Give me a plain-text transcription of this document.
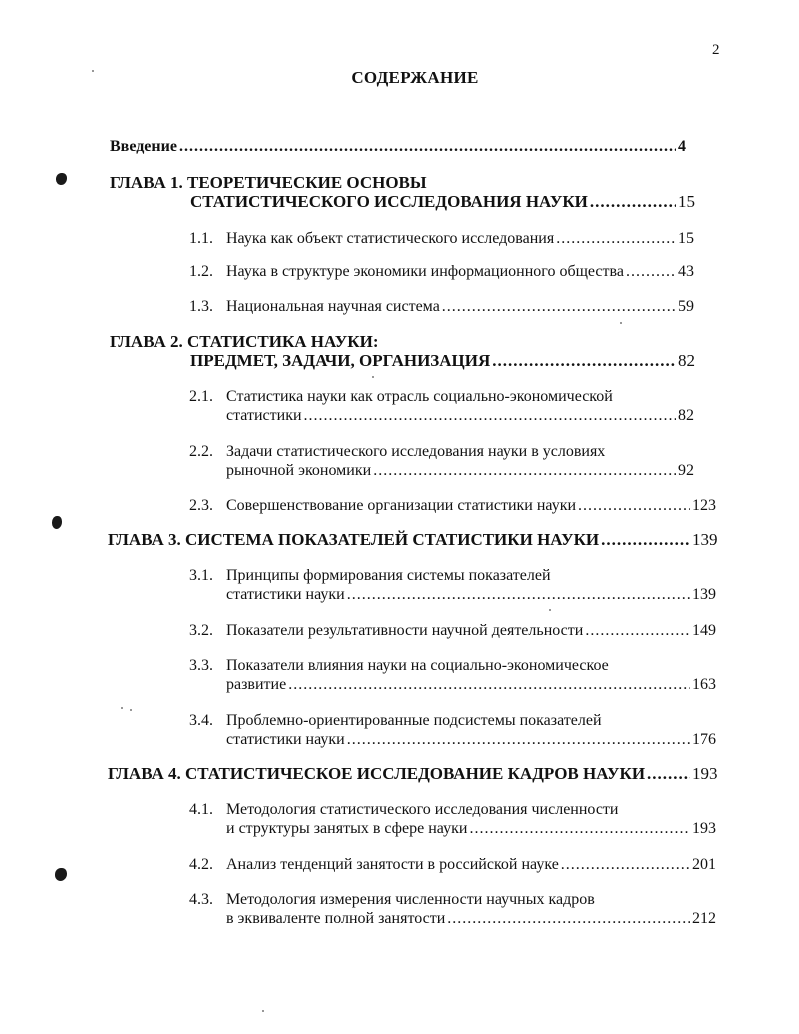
2
СОДЕРЖАНИЕ
Введение .....	4
ГЛАВА 1. ТЕОРЕТИЧЕСКИЕ ОСНОВЫ
СТАТИСТИЧЕСКОГО ИССЛЕДОВАНИЯ НАУКИ .....	15
1.1. Наука как объект статистического исследования .....	15
1.2. Наука в структуре экономики информационного общества .....	43
1.3. Национальная научная система .....	59
ГЛАВА 2. СТАТИСТИКА НАУКИ:
ПРЕДМЕТ, ЗАДАЧИ, ОРГАНИЗАЦИЯ .....	82
2.1. Статистика науки как отрасль социально-экономической
статистики .....	82
2.2. Задачи статистического исследования науки в условиях
рыночной экономики .....	92
2.3. Совершенствование организации статистики науки .....	123
ГЛАВА 3. СИСТЕМА ПОКАЗАТЕЛЕЙ СТАТИСТИКИ НАУКИ .....	139
3.1. Принципы формирования системы показателей
статистики науки .....	139
3.2. Показатели результативности научной деятельности .....	149
3.3. Показатели влияния науки на социально-экономическое
развитие .....	163
3.4. Проблемно-ориентированные подсистемы показателей
статистики науки .....	176
ГЛАВА 4. СТАТИСТИЧЕСКОЕ ИССЛЕДОВАНИЕ КАДРОВ НАУКИ .....	193
4.1. Методология статистического исследования численности
и структуры занятых в сфере науки .....	193
4.2. Анализ тенденций занятости в российской науке .....	201
4.3. Методология измерения численности научных кадров
в эквиваленте полной занятости .....	212
